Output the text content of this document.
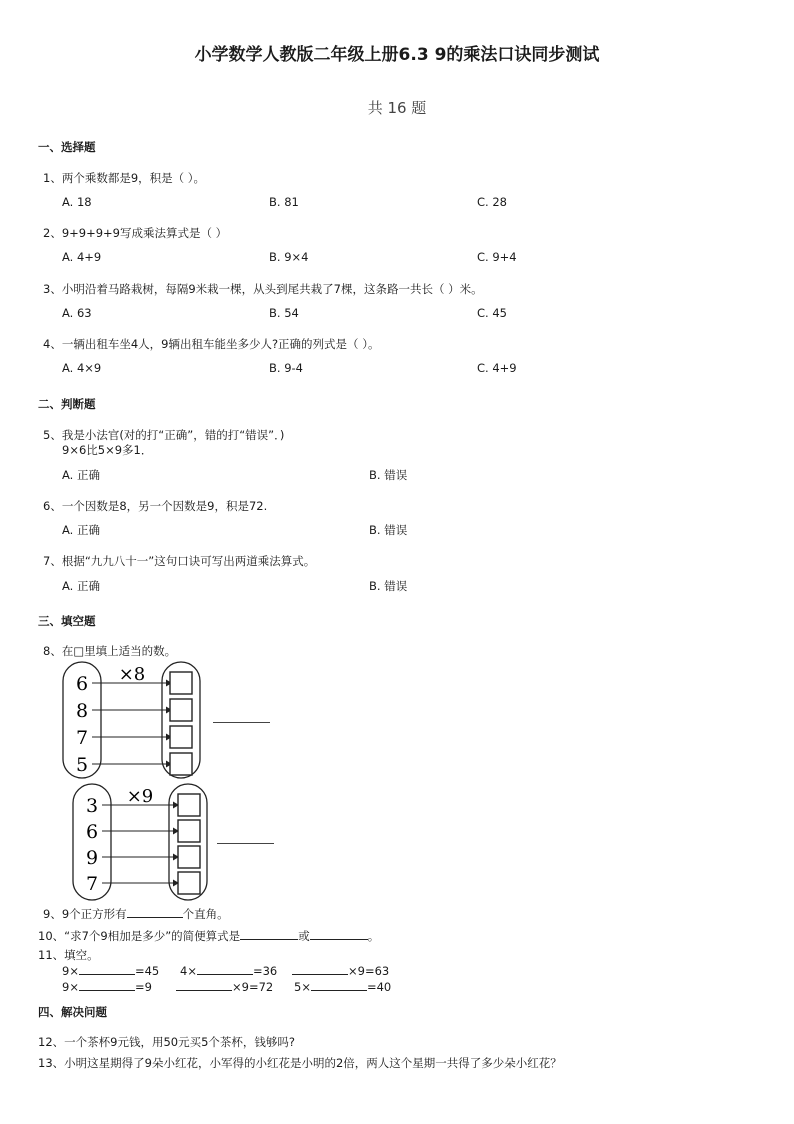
小学数学人教版二年级上册6.3 9的乘法口诀同步测试
共 16 题
一、选择题
1、两个乘数都是9，积是（ ）。
A. 18	B. 81	C. 28
2、9+9+9+9写成乘法算式是（ ）
A. 4+9	B. 9×4	C. 9+4
3、小明沿着马路栽树，每隔9米栽一棵，从头到尾共栽了7棵，这条路一共长（ ）米。
A. 63	B. 54	C. 45
4、一辆出租车坐4人，9辆出租车能坐多少人?正确的列式是（ ）。
A. 4×9	B. 9-4	C. 4+9
二、判断题
5、我是小法官(对的打“正确”，错的打“错误”．)
9×6比5×9多1．
A. 正确	B. 错误
6、一个因数是8，另一个因数是9，积是72.
A. 正确	B. 错误
7、根据“九九八十一”这句口诀可写出两道乘法算式。
A. 正确	B. 错误
三、填空题
8、在□里填上适当的数。
×8
6
8
7
5
×9
3
6
9
7
9、9个正方形有	个直角。
10、“求7个9相加是多少”的简便算式是	或	。
11、填空。
9×	=45 4×	=36	×9=63
9×	=9	×9=72 5×	=40
四、解决问题
12、一个茶杯9元钱，用50元买5个茶杯，钱够吗?
13、小明这星期得了9朵小红花，小军得的小红花是小明的2倍，两人这个星期一共得了多少朵小红花？
